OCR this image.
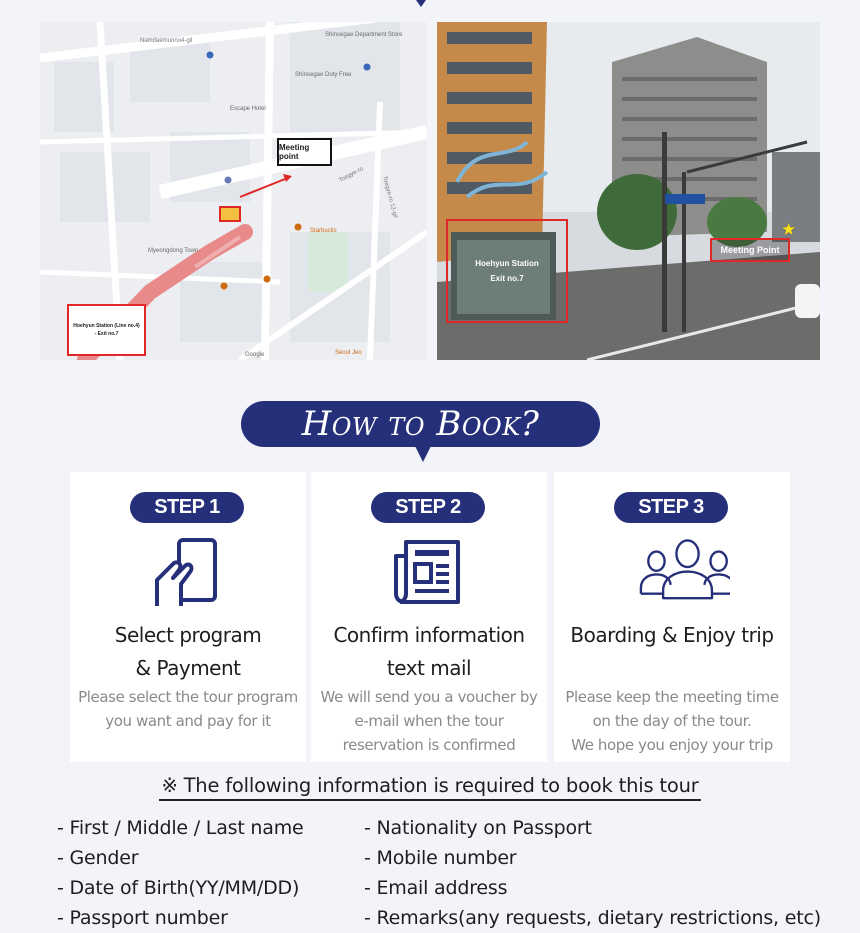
Namdaemunno4-gil
Shinsegae Department Store
Shinsegae Duty Free
Escape Hotel
Toegye-ro
Toegye-ro 12-gil
Starbucks
Myeongdong Town
Seoul Jeo
Google
Meeting point
Hoehyun Station (Line no.4)
- Exit no.7
Hoehyun Station
Exit no.7
Meeting Point
★
How to Book?
STEP 1
Select program
& Payment
Please select the tour program
you want and pay for it
STEP 2
Confirm information
text mail
We will send you a voucher by
e-mail when the tour
reservation is confirmed
STEP 3
Boarding & Enjoy trip
Please keep the meeting time
on the day of the tour.
We hope you enjoy your trip
※ The following information is required to book this tour
- First / Middle / Last name
- Gender
- Date of Birth(YY/MM/DD)
- Passport number
- Nationality on Passport
- Mobile number
- Email address
- Remarks(any requests, dietary restrictions, etc)
